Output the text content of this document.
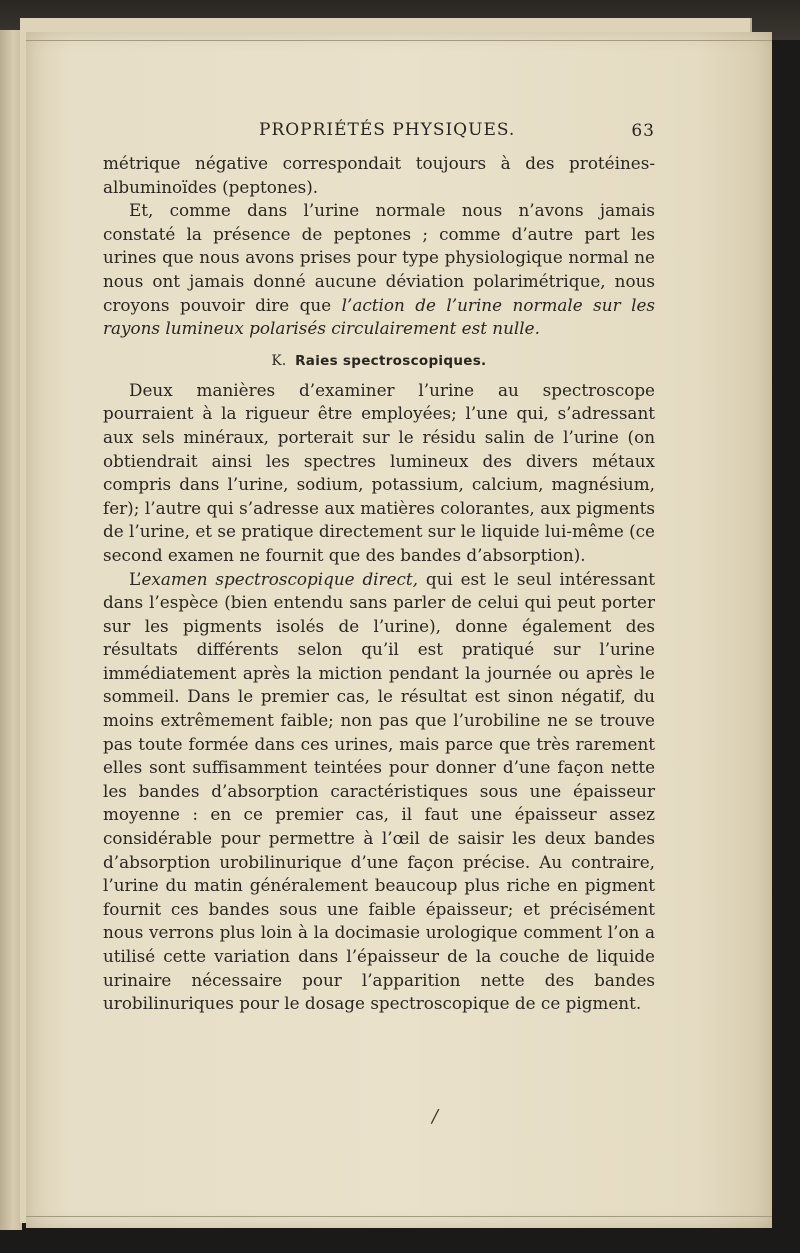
PROPRIÉTÉS PHYSIQUES.	63

métrique négative correspondait toujours à des protéines-albuminoïdes (peptones).

Et, comme dans l’urine normale nous n’avons jamais constaté la présence de peptones ; comme d’autre part les urines que nous avons prises pour type physiologique normal ne nous ont jamais donné aucune déviation polarimétrique, nous croyons pouvoir dire que l’action de l’urine normale sur les rayons lumineux polarisés circulairement est nulle.

K. Raies spectroscopiques.

Deux manières d’examiner l’urine au spectroscope pourraient à la rigueur être employées; l’une qui, s’adressant aux sels minéraux, porterait sur le résidu salin de l’urine (on obtiendrait ainsi les spectres lumineux des divers métaux compris dans l’urine, sodium, potassium, calcium, magnésium, fer); l’autre qui s’adresse aux matières colorantes, aux pigments de l’urine, et se pratique directement sur le liquide lui-même (ce second examen ne fournit que des bandes d’absorption).

L’examen spectroscopique direct, qui est le seul intéressant dans l’espèce (bien entendu sans parler de celui qui peut porter sur les pigments isolés de l’urine), donne également des résultats différents selon qu’il est pratiqué sur l’urine immédiatement après la miction pendant la journée ou après le sommeil. Dans le premier cas, le résultat est sinon négatif, du moins extrêmement faible; non pas que l’urobiline ne se trouve pas toute formée dans ces urines, mais parce que très rarement elles sont suffisamment teintées pour donner d’une façon nette les bandes d’absorption caractéristiques sous une épaisseur moyenne : en ce premier cas, il faut une épaisseur assez considérable pour permettre à l’œil de saisir les deux bandes d’absorption urobilinurique d’une façon précise. Au contraire, l’urine du matin généralement beaucoup plus riche en pigment fournit ces bandes sous une faible épaisseur; et précisément nous verrons plus loin à la docimasie urologique comment l’on a utilisé cette variation dans l’épaisseur de la couche de liquide urinaire nécessaire pour l’apparition nette des bandes urobilinuriques pour le dosage spectroscopique de ce pigment.

/
